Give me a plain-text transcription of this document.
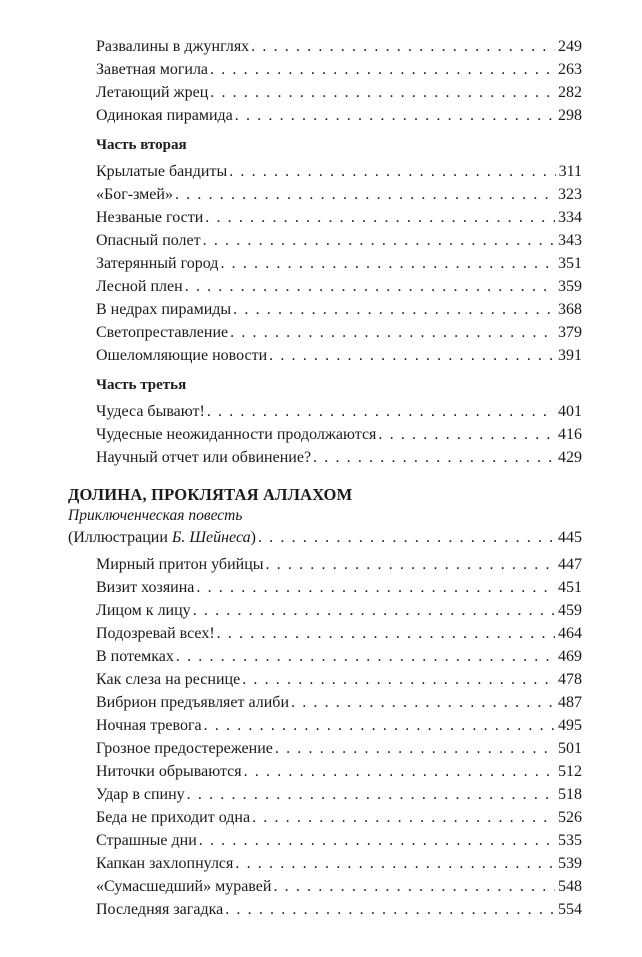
Развалины в джунглях . . .	249
Заветная могила . . .	263
Летающий жрец . . .	282
Одинокая пирамида . . .	298
Часть вторая
Крылатые бандиты . . .	311
«Бог-змей» . . .	323
Незваные гости . . .	334
Опасный полет . . .	343
Затерянный город . . .	351
Лесной плен . . .	359
В недрах пирамиды . . .	368
Светопреставление . . .	379
Ошеломляющие новости . . .	391
Часть третья
Чудеса бывают! . . .	401
Чудесные неожиданности продолжаются . . .	416
Научный отчет или обвинение? . . .	429
ДОЛИНА, ПРОКЛЯТАЯ АЛЛАХОМ
Приключенческая повесть
(Иллюстрации Б. Шейнеса) . . .	445
Мирный притон убийцы . . .	447
Визит хозяина . . .	451
Лицом к лицу . . .	459
Подозревай всех! . . .	464
В потемках . . .	469
Как слеза на реснице . . .	478
Вибрион предъявляет алиби . . .	487
Ночная тревога . . .	495
Грозное предостережение . . .	501
Ниточки обрываются . . .	512
Удар в спину . . .	518
Беда не приходит одна . . .	526
Страшные дни . . .	535
Капкан захлопнулся . . .	539
«Сумасшедший» муравей . . .	548
Последняя загадка . . .	554
